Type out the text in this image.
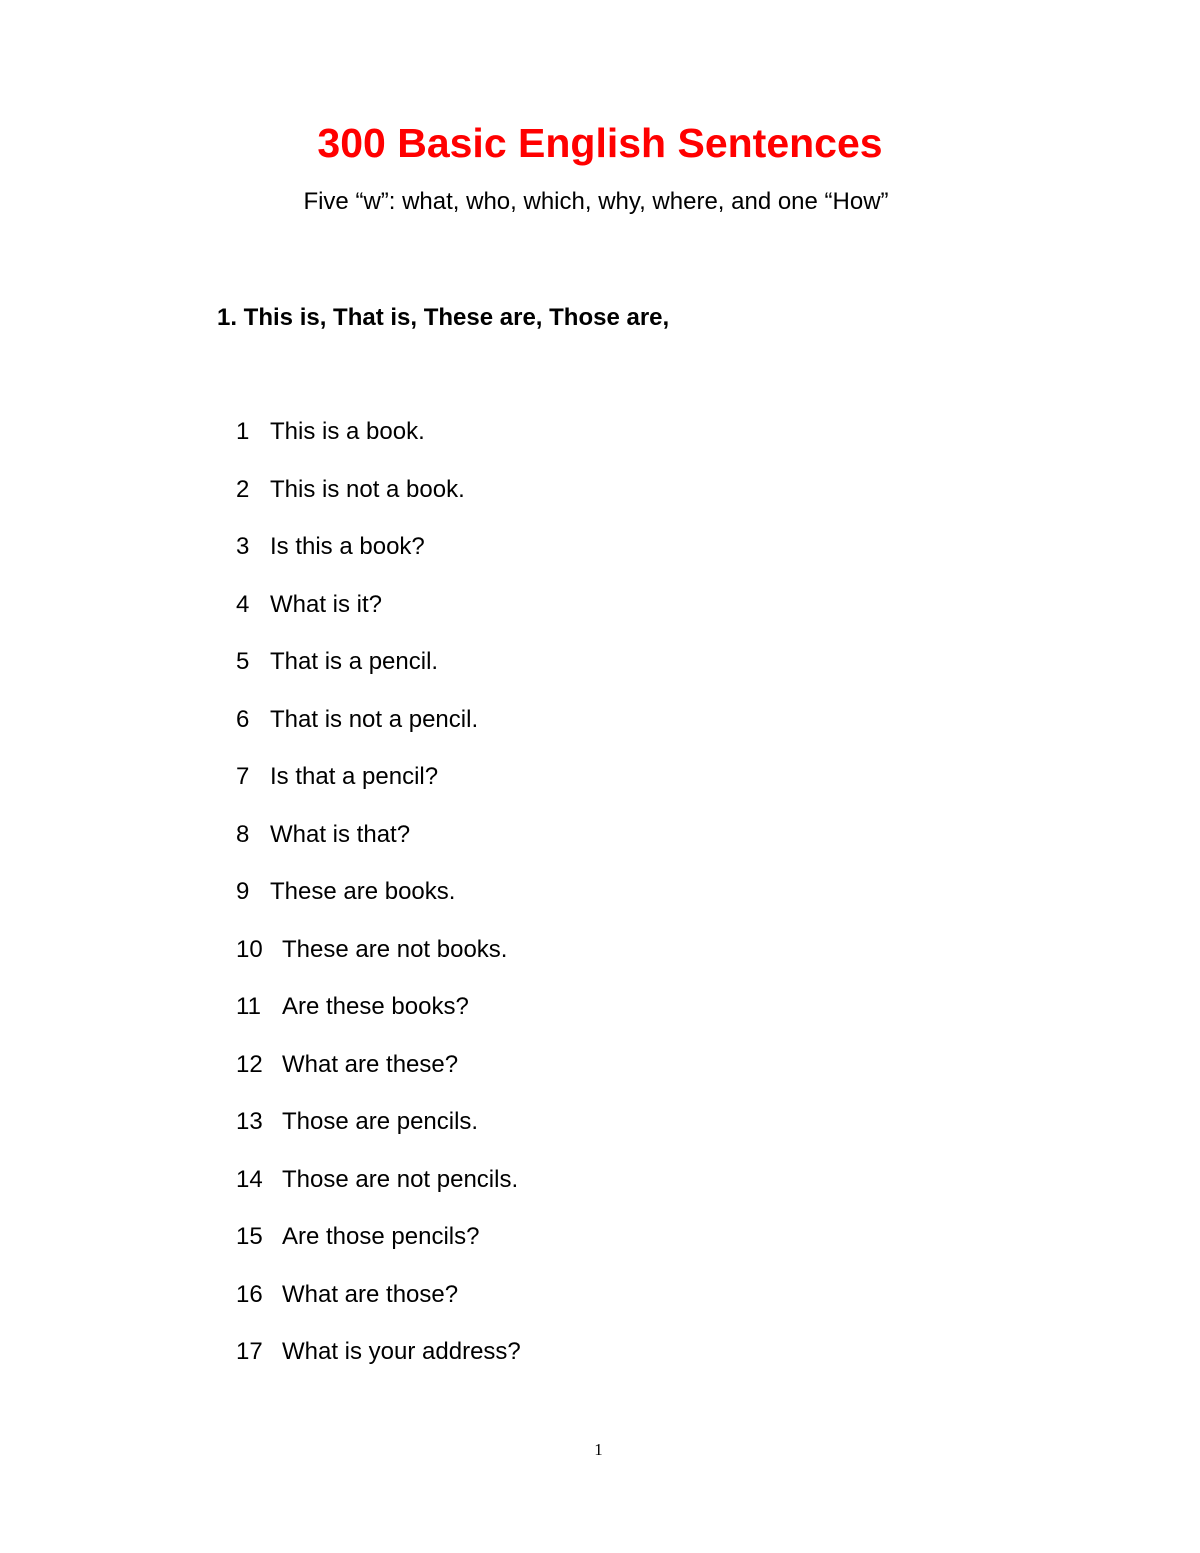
300 Basic English Sentences

Five “w”: what, who, which, why, where, and one “How”

1. This is, That is, These are, Those are,
1 This is a book.
2 This is not a book.
3 Is this a book?
4 What is it?
5 That is a pencil.
6 That is not a pencil.
7 Is that a pencil?
8 What is that?
9 These are books.
10 These are not books.
11 Are these books?
12 What are these?
13 Those are pencils.
14 Those are not pencils.
15 Are those pencils?
16 What are those?
17 What is your address?

1
